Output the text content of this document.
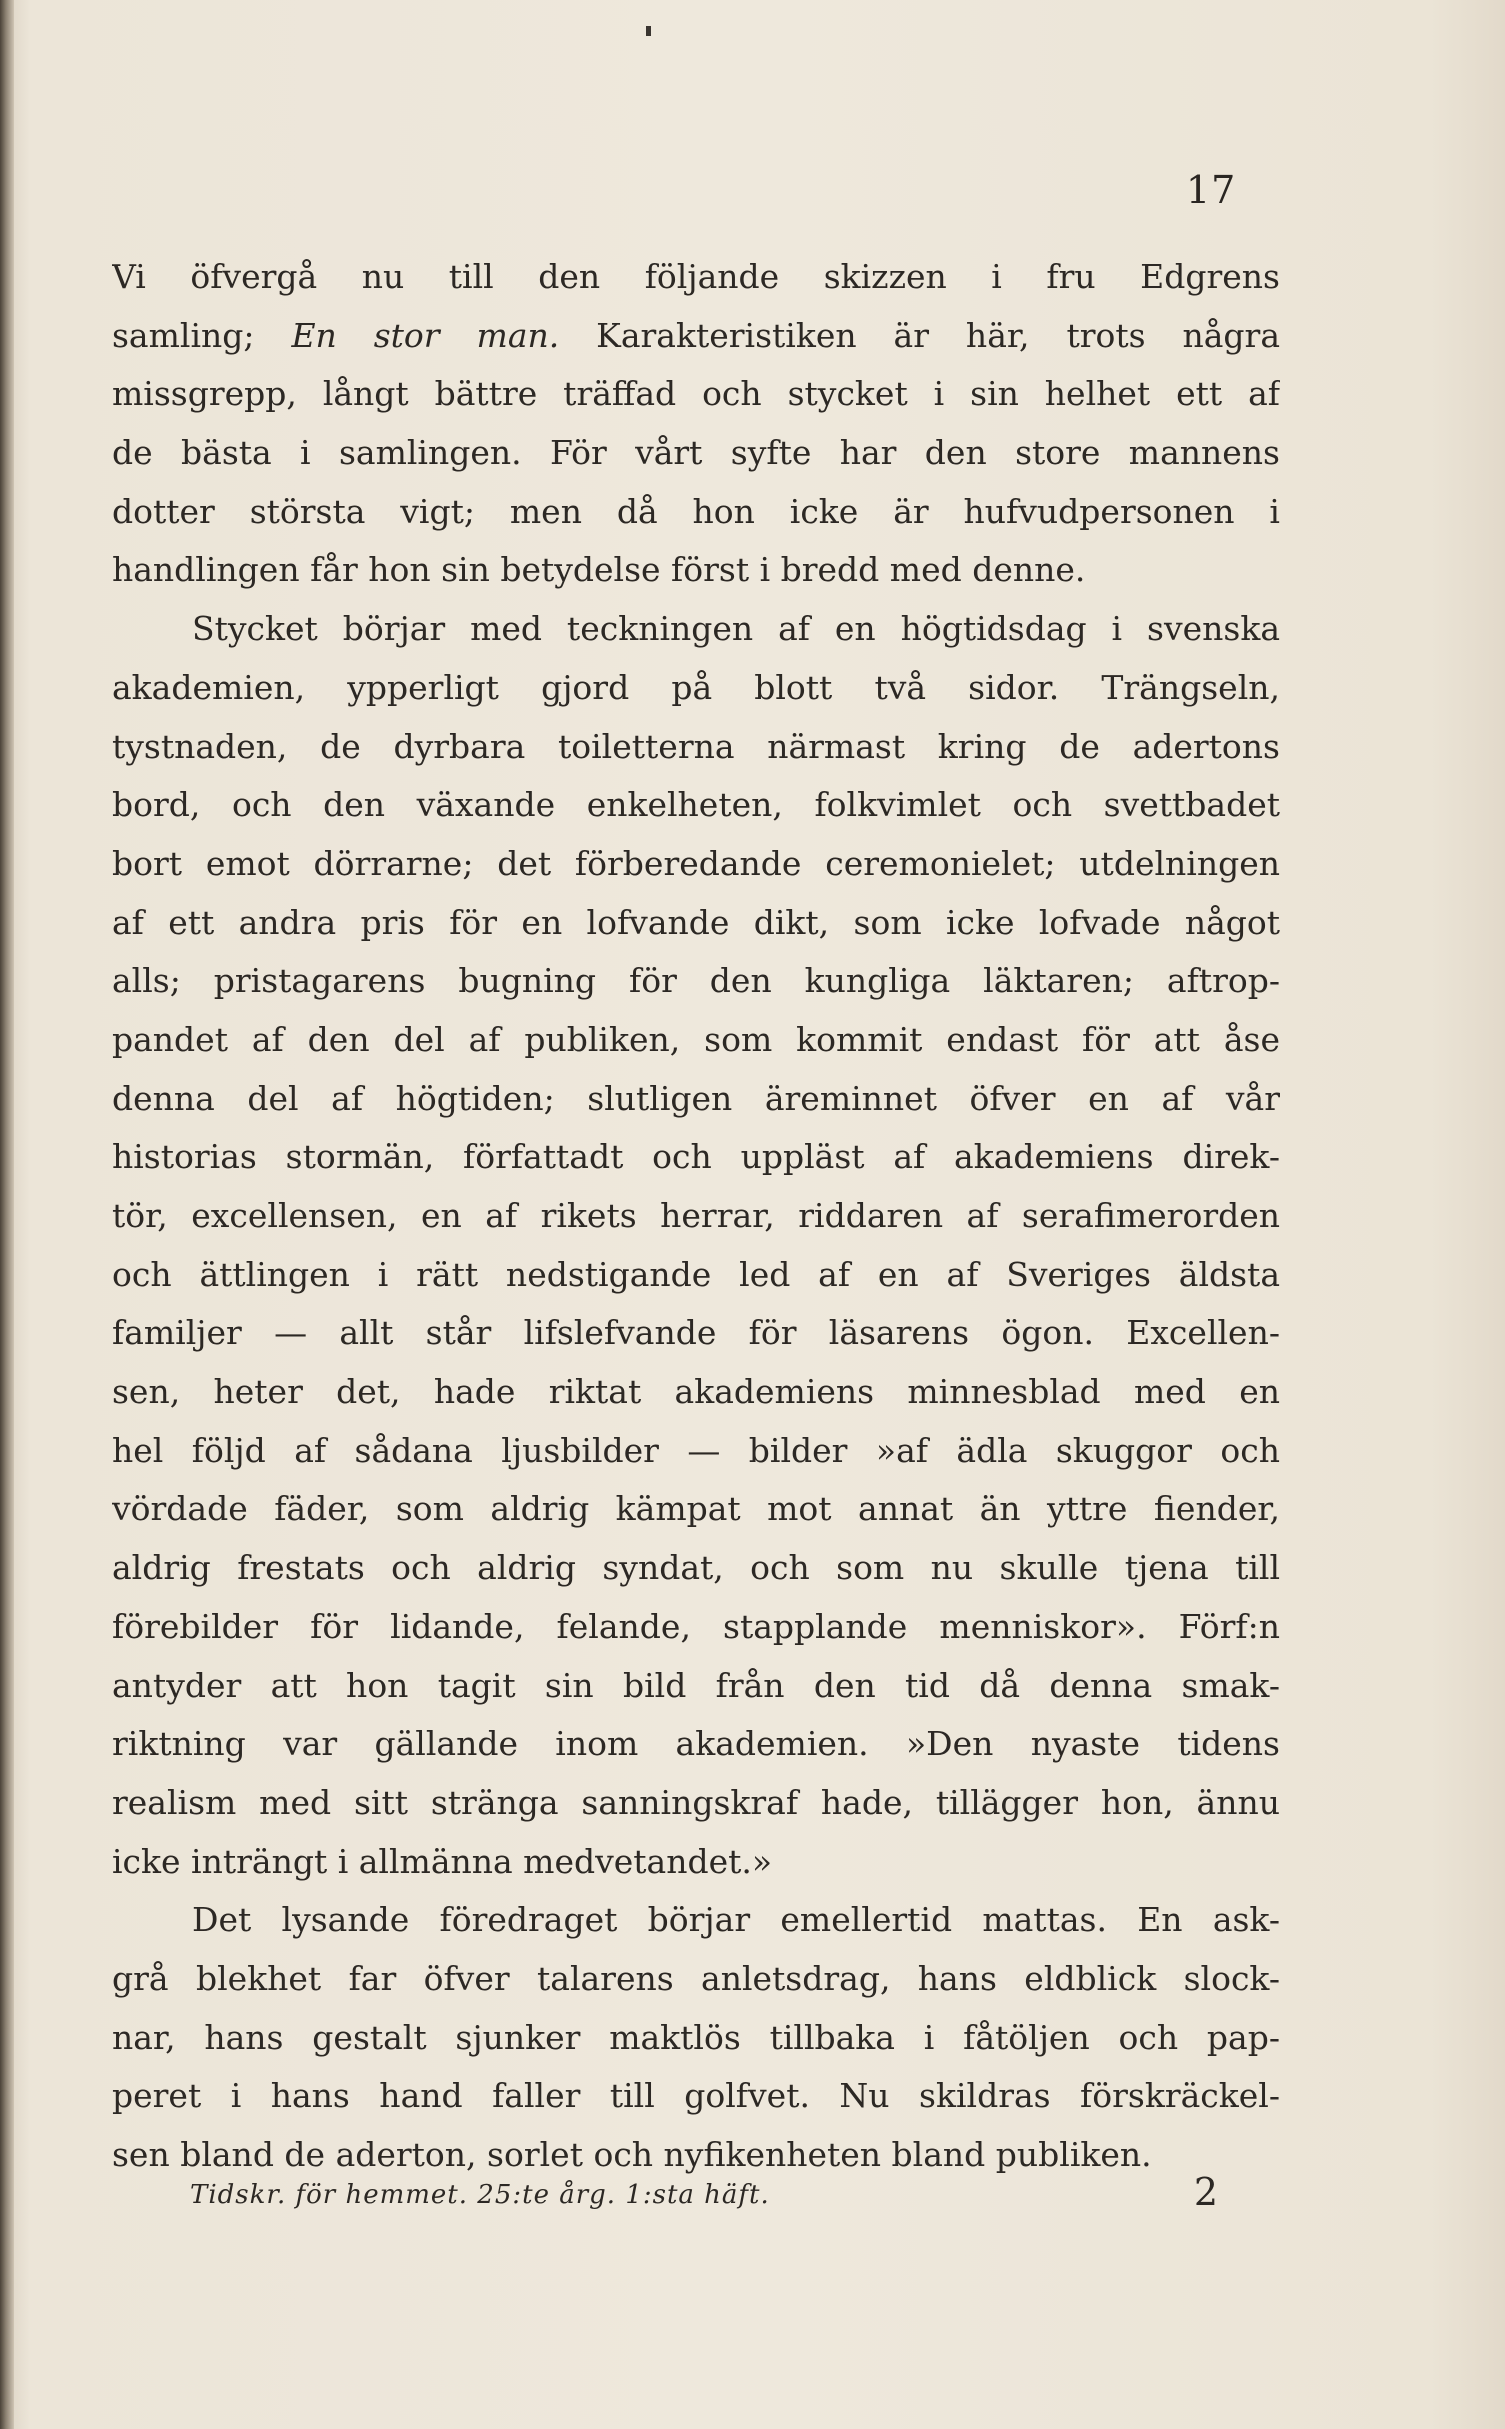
17
Vi öfvergå nu till den följande skizzen i fru Edgrens
samling; En stor man. Karakteristiken är här, trots några
missgrepp, långt bättre träffad och stycket i sin helhet ett af
de bästa i samlingen. För vårt syfte har den store mannens
dotter största vigt; men då hon icke är hufvudpersonen i
handlingen får hon sin betydelse först i bredd med denne.
Stycket börjar med teckningen af en högtidsdag i svenska
akademien, ypperligt gjord på blott två sidor. Trängseln,
tystnaden, de dyrbara toiletterna närmast kring de adertons
bord, och den växande enkelheten, folkvimlet och svettbadet
bort emot dörrarne; det förberedande ceremonielet; utdelningen
af ett andra pris för en lofvande dikt, som icke lofvade något
alls; pristagarens bugning för den kungliga läktaren; aftrop-
pandet af den del af publiken, som kommit endast för att åse
denna del af högtiden; slutligen äreminnet öfver en af vår
historias stormän, författadt och uppläst af akademiens direk-
tör, excellensen, en af rikets herrar, riddaren af serafimerorden
och ättlingen i rätt nedstigande led af en af Sveriges äldsta
familjer — allt står lifslefvande för läsarens ögon. Excellen-
sen, heter det, hade riktat akademiens minnesblad med en
hel följd af sådana ljusbilder — bilder »af ädla skuggor och
vördade fäder, som aldrig kämpat mot annat än yttre fiender,
aldrig frestats och aldrig syndat, och som nu skulle tjena till
förebilder för lidande, felande, stapplande menniskor». Förf:n
antyder att hon tagit sin bild från den tid då denna smak-
riktning var gällande inom akademien. »Den nyaste tidens
realism med sitt stränga sanningskraf hade, tillägger hon, ännu
icke inträngt i allmänna medvetandet.»
Det lysande föredraget börjar emellertid mattas. En ask-
grå blekhet far öfver talarens anletsdrag, hans eldblick slock-
nar, hans gestalt sjunker maktlös tillbaka i fåtöljen och pap-
peret i hans hand faller till golfvet. Nu skildras förskräckel-
sen bland de aderton, sorlet och nyfikenheten bland publiken.
Tidskr. för hemmet. 25:te årg. 1:sta häft.	2
